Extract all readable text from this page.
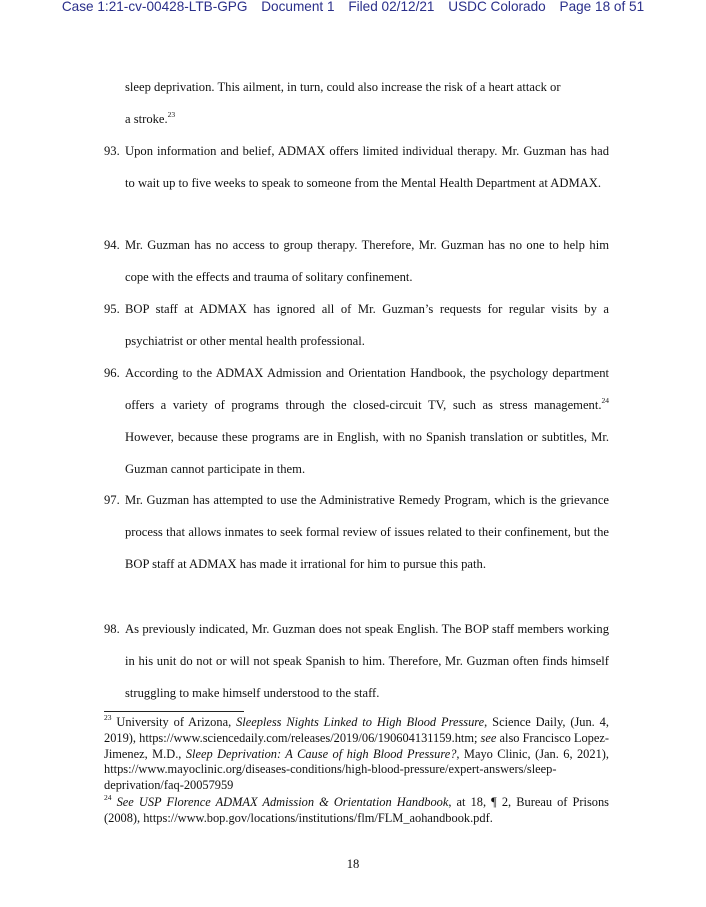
Case 1:21-cv-00428-LTB-GPG Document 1 Filed 02/12/21 USDC Colorado Page 18 of 51
sleep deprivation. This ailment, in turn, could also increase the risk of a heart attack or
a stroke.$^{23}$
93. Upon information and belief, ADMAX offers limited individual therapy. Mr. Guzman has had to wait up to five weeks to speak to someone from the Mental Health Department at ADMAX.
94. Mr. Guzman has no access to group therapy. Therefore, Mr. Guzman has no one to help him cope with the effects and trauma of solitary confinement.
95. BOP staff at ADMAX has ignored all of Mr. Guzman’s requests for regular visits by a psychiatrist or other mental health professional.
96. According to the ADMAX Admission and Orientation Handbook, the psychology department offers a variety of programs through the closed-circuit TV, such as stress management.$^{24}$ However, because these programs are in English, with no Spanish translation or subtitles, Mr. Guzman cannot participate in them.
97. Mr. Guzman has attempted to use the Administrative Remedy Program, which is the grievance process that allows inmates to seek formal review of issues related to their confinement, but the BOP staff at ADMAX has made it irrational for him to pursue this path.
98. As previously indicated, Mr. Guzman does not speak English. The BOP staff members working in his unit do not or will not speak Spanish to him. Therefore, Mr. Guzman often finds himself struggling to make himself understood to the staff.
$^{23}$ University of Arizona, Sleepless Nights Linked to High Blood Pressure, Science Daily, (Jun. 4, 2019), https://www.sciencedaily.com/releases/2019/06/190604131159.htm; see also Francisco Lopez- Jimenez, M.D., Sleep Deprivation: A Cause of high Blood Pressure?, Mayo Clinic, (Jan. 6, 2021), https://www.mayoclinic.org/diseases-conditions/high-blood-pressure/expert-answers/sleep-deprivation/faq-20057959
$^{24}$ See USP Florence ADMAX Admission & Orientation Handbook, at 18, ¶ 2, Bureau of Prisons (2008), https://www.bop.gov/locations/institutions/flm/FLM_aohandbook.pdf.
18
